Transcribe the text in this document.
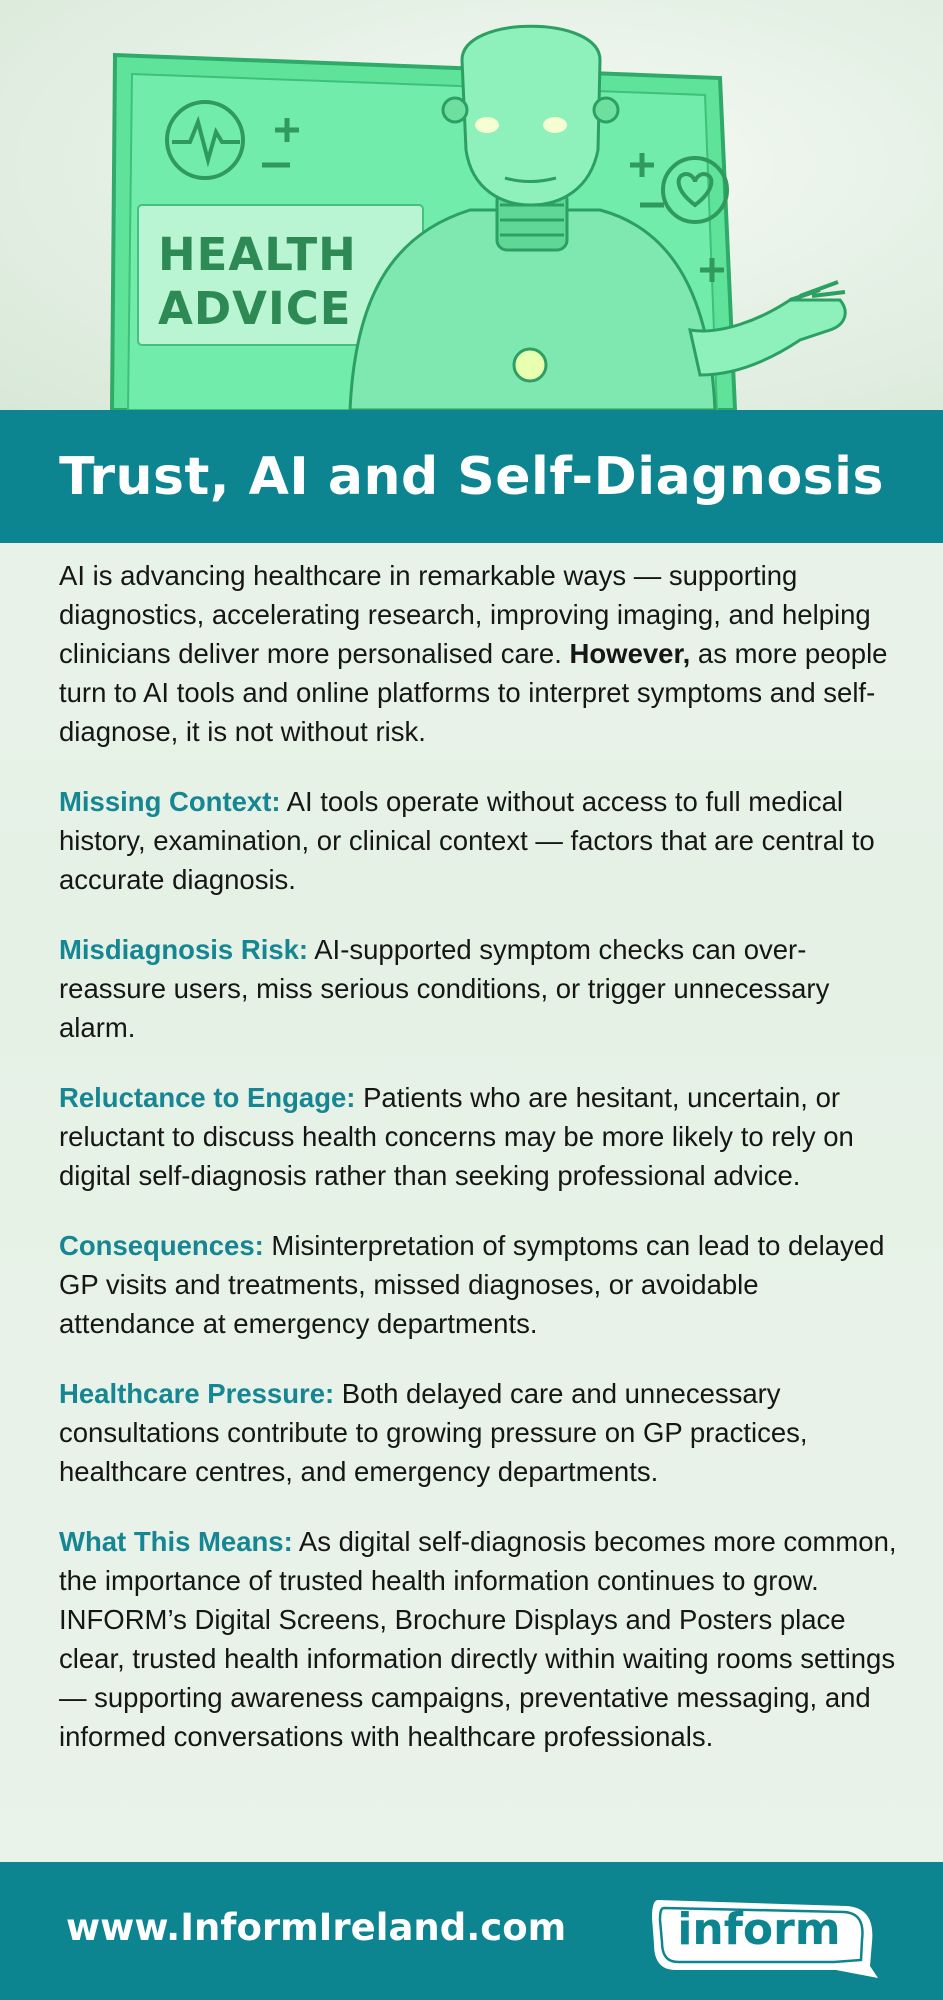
HEALTH
ADVICE
Trust, AI and Self-Diagnosis

AI is advancing healthcare in remarkable ways — supporting diagnostics, accelerating research, improving imaging, and helping clinicians deliver more personalised care. However, as more people turn to AI tools and online platforms to interpret symptoms and self-diagnose, it is not without risk.

Missing Context: AI tools operate without access to full medical history, examination, or clinical context — factors that are central to accurate diagnosis.

Misdiagnosis Risk: AI-supported symptom checks can over-reassure users, miss serious conditions, or trigger unnecessary alarm.

Reluctance to Engage: Patients who are hesitant, uncertain, or reluctant to discuss health concerns may be more likely to rely on digital self-diagnosis rather than seeking professional advice.

Consequences: Misinterpretation of symptoms can lead to delayed GP visits and treatments, missed diagnoses, or avoidable attendance at emergency departments.

Healthcare Pressure: Both delayed care and unnecessary consultations contribute to growing pressure on GP practices, healthcare centres, and emergency departments.

What This Means: As digital self-diagnosis becomes more common, the importance of trusted health information continues to grow. INFORM’s Digital Screens, Brochure Displays and Posters place clear, trusted health information directly within waiting rooms settings — supporting awareness campaigns, preventative messaging, and informed conversations with healthcare professionals.

www.InformIreland.com	inform
